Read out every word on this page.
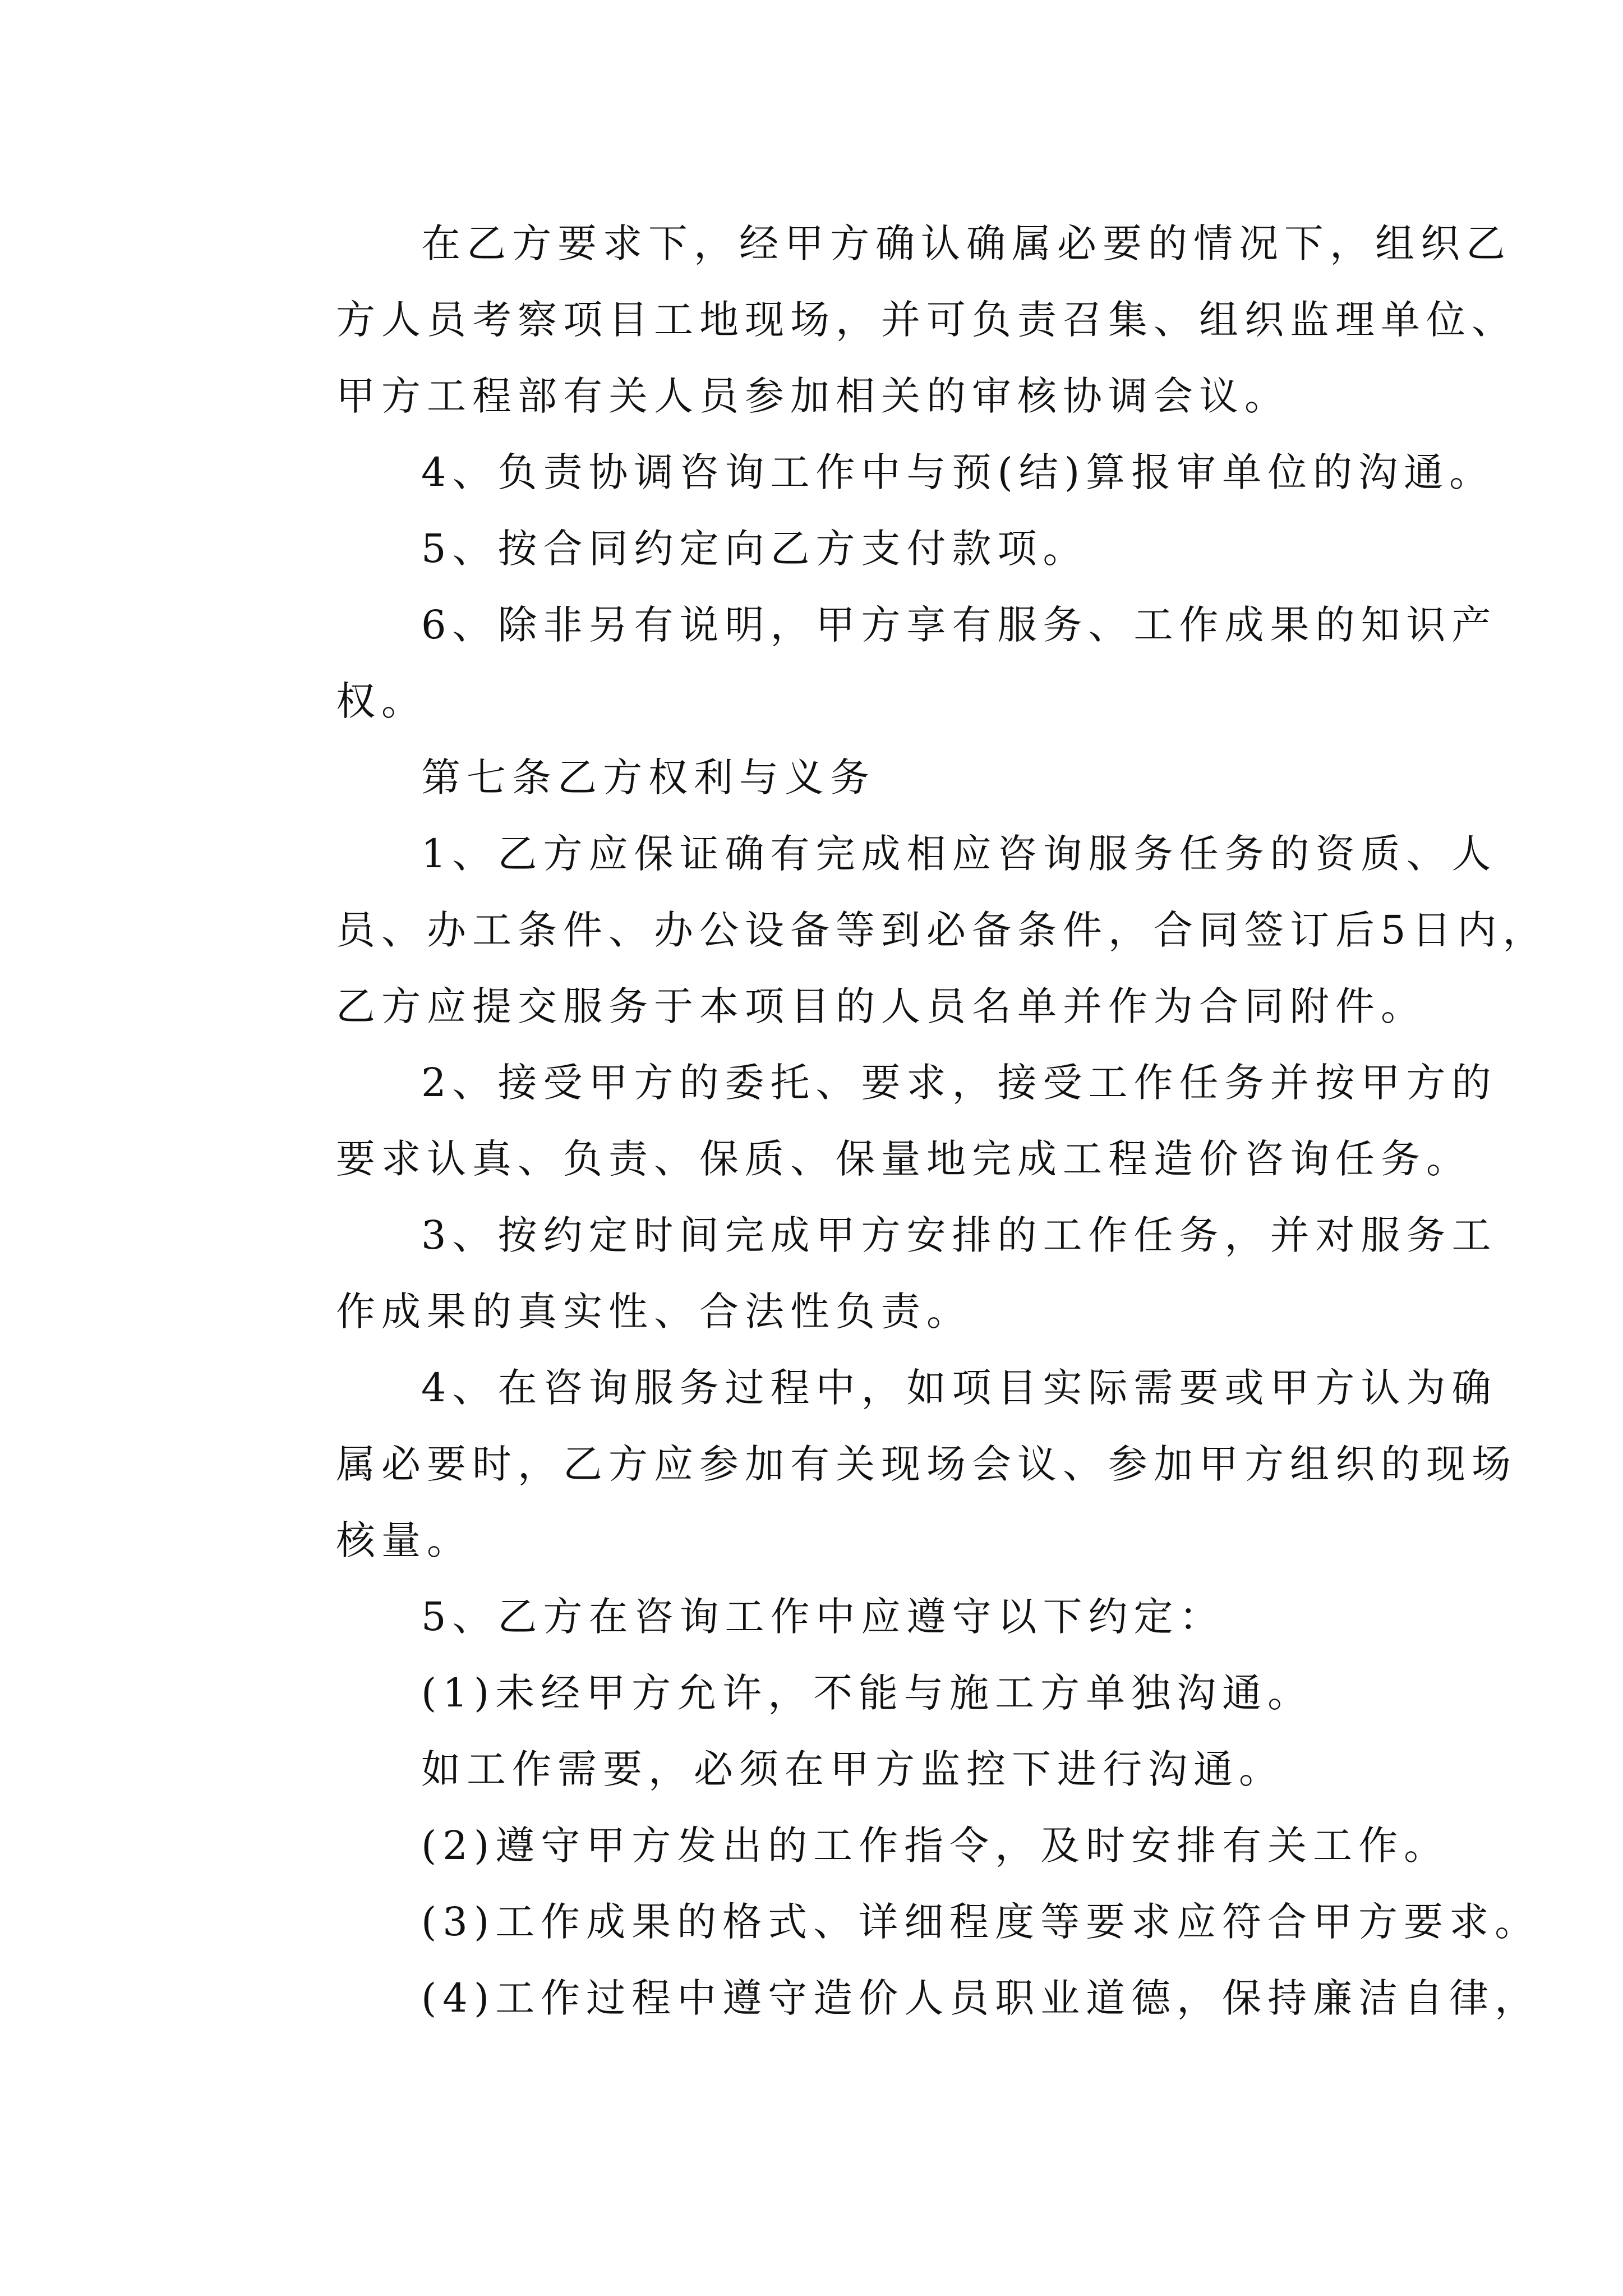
在乙方要求下，经甲方确认确属必要的情况下，组织乙
方人员考察项目工地现场，并可负责召集、组织监理单位、
甲方工程部有关人员参加相关的审核协调会议。
4、负责协调咨询工作中与预(结)算报审单位的沟通。
5、按合同约定向乙方支付款项。
6、除非另有说明，甲方享有服务、工作成果的知识产
权。
第七条乙方权利与义务
1、乙方应保证确有完成相应咨询服务任务的资质、人
员、办工条件、办公设备等到必备条件，合同签订后5日内，
乙方应提交服务于本项目的人员名单并作为合同附件。
2、接受甲方的委托、要求，接受工作任务并按甲方的
要求认真、负责、保质、保量地完成工程造价咨询任务。
3、按约定时间完成甲方安排的工作任务，并对服务工
作成果的真实性、合法性负责。
4、在咨询服务过程中，如项目实际需要或甲方认为确
属必要时，乙方应参加有关现场会议、参加甲方组织的现场
核量。
5、乙方在咨询工作中应遵守以下约定：
(1)未经甲方允许，不能与施工方单独沟通。
如工作需要，必须在甲方监控下进行沟通。
(2)遵守甲方发出的工作指令，及时安排有关工作。
(3)工作成果的格式、详细程度等要求应符合甲方要求。
(4)工作过程中遵守造价人员职业道德，保持廉洁自律，
